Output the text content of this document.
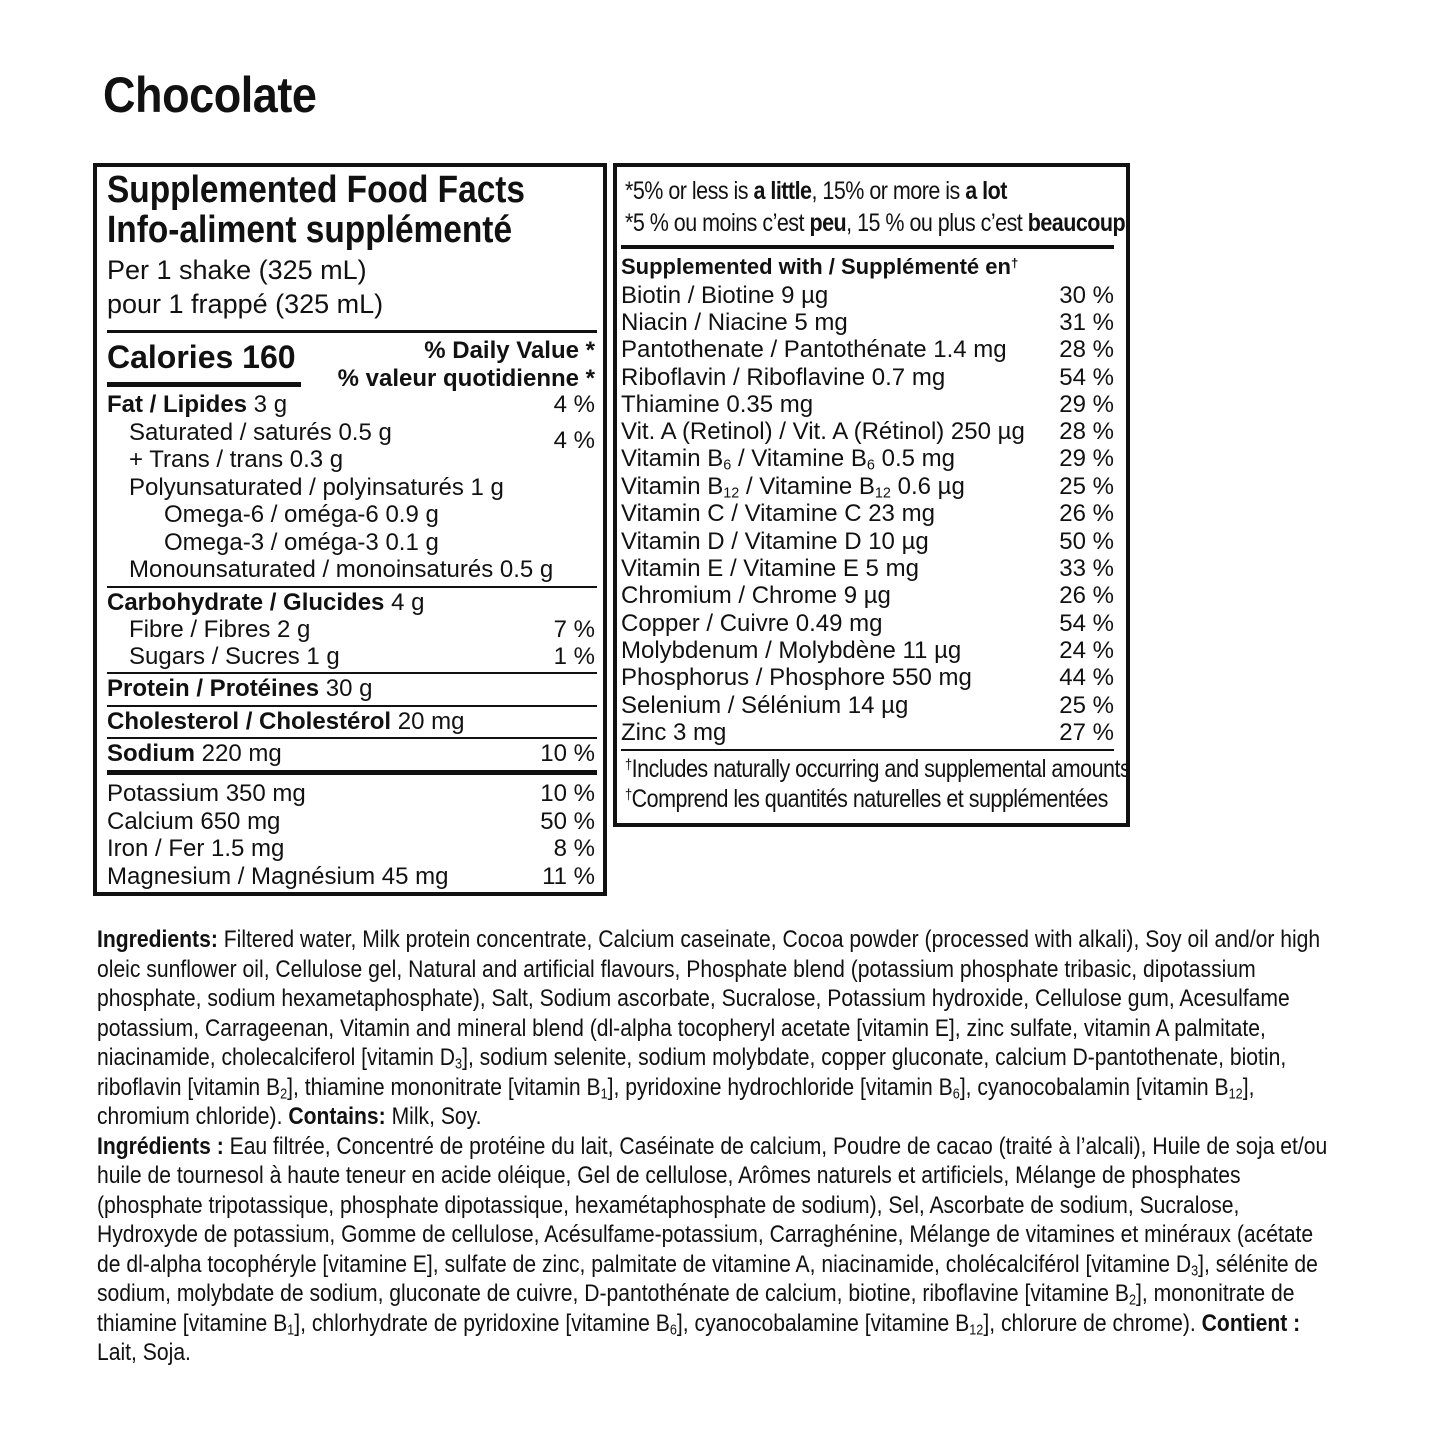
Chocolate
Supplemented Food Facts
Info-aliment supplémenté
Per 1 shake (325 mL)
pour 1 frappé (325 mL)
Calories 160	% Daily Value *
% valeur quotidienne *
Fat / Lipides 3 g	4 %
Saturated / saturés 0.5 g	4 %
+ Trans / trans 0.3 g
Polyunsaturated / polyinsaturés 1 g
Omega-6 / oméga-6 0.9 g
Omega-3 / oméga-3 0.1 g
Monounsaturated / monoinsaturés 0.5 g
Carbohydrate / Glucides 4 g
Fibre / Fibres 2 g	7 %
Sugars / Sucres 1 g	1 %
Protein / Protéines 30 g
Cholesterol / Cholestérol 20 mg
Sodium 220 mg	10 %
Potassium 350 mg	10 %
Calcium 650 mg	50 %
Iron / Fer 1.5 mg	8 %
Magnesium / Magnésium 45 mg	11 %
*5% or less is a little, 15% or more is a lot
*5 % ou moins c’est peu, 15 % ou plus c’est beaucoup
Supplemented with / Supplémenté en†
Biotin / Biotine 9 µg	30 %
Niacin / Niacine 5 mg	31 %
Pantothenate / Pantothénate 1.4 mg 28 %
Riboflavin / Riboflavine 0.7 mg	54 %
Thiamine 0.35 mg	29 %
Vit. A (Retinol) / Vit. A (Rétinol) 250 µg 28 %
Vitamin $B_6$ / Vitamine $B_6$ 0.5 mg	29 %
Vitamin $B_{12}$ / Vitamine $B_{12}$ 0.6 µg	25 %
Vitamin C / Vitamine C 23 mg	26 %
Vitamin D / Vitamine D 10 µg	50 %
Vitamin E / Vitamine E 5 mg	33 %
Chromium / Chrome 9 µg	26 %
Copper / Cuivre 0.49 mg	54 %
Molybdenum / Molybdène 11 µg	24 %
Phosphorus / Phosphore 550 mg	44 %
Selenium / Sélénium 14 µg	25 %
Zinc 3 mg	27 %
†Includes naturally occurring and supplemental amounts
†Comprend les quantités naturelles et supplémentées

Ingredients: Filtered water, Milk protein concentrate, Calcium caseinate, Cocoa powder (processed with alkali), Soy oil and/or high oleic sunflower oil, Cellulose gel, Natural and artificial flavours, Phosphate blend (potassium phosphate tribasic, dipotassium phosphate, sodium hexametaphosphate), Salt, Sodium ascorbate, Sucralose, Potassium hydroxide, Cellulose gum, Acesulfame potassium, Carrageenan, Vitamin and mineral blend (dl-alpha tocopheryl acetate [vitamin E], zinc sulfate, vitamin A palmitate, niacinamide, cholecalciferol [vitamin $D_3$], sodium selenite, sodium molybdate, copper gluconate, calcium D-pantothenate, biotin, riboflavin [vitamin $B_2$], thiamine mononitrate [vitamin $B_1$], pyridoxine hydrochloride [vitamin $B_6$], cyanocobalamin [vitamin $B_{12}$], chromium chloride). Contains: Milk, Soy.

Ingrédients : Eau filtrée, Concentré de protéine du lait, Caséinate de calcium, Poudre de cacao (traité à l’alcali), Huile de soja et/ou huile de tournesol à haute teneur en acide oléique, Gel de cellulose, Arômes naturels et artificiels, Mélange de phosphates (phosphate tripotassique, phosphate dipotassique, hexamétaphosphate de sodium), Sel, Ascorbate de sodium, Sucralose, Hydroxyde de potassium, Gomme de cellulose, Acésulfame-potassium, Carraghénine, Mélange de vitamines et minéraux (acétate de dl-alpha tocophéryle [vitamine E], sulfate de zinc, palmitate de vitamine A, niacinamide, cholécalciférol [vitamine $D_3$], sélénite de sodium, molybdate de sodium, gluconate de cuivre, D-pantothénate de calcium, biotine, riboflavine [vitamine $B_2$], mononitrate de thiamine [vitamine $B_1$], chlorhydrate de pyridoxine [vitamine $B_6$], cyanocobalamine [vitamine $B_{12}$], chlorure de chrome). Contient : Lait, Soja.
